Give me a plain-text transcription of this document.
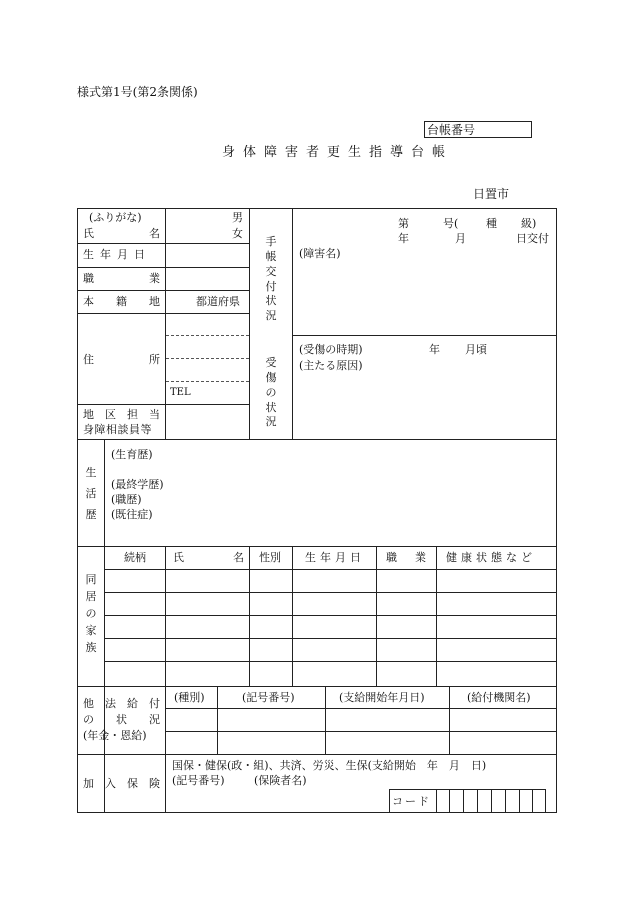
様式第1号(第2条関係)
台帳番号
身体障害者更生指導台帳
日置市
(ふりがな)
氏	名
男
女
生 年 月 日
職	業
本 籍 地	都道府県
住	所
TEL
地 区 担 当
身障相談員等
手帳交付状況
第	号(	種 級)
年	月	日交付
(障害名)
受傷の状況
(受傷の時期)	年 月頃
(主たる原因)
生活歴
(生育歴)
(最終学歴)
(職歴)
(既往症)
同居の家族
続柄 氏	名 性別 生年月日 職 業 健康状態など
他 法 給 付
の 状 況
(年金・恩給)
(種別)	(記号番号)	(支給開始年月日)	(給付機関名)
加 入 保 険
国保・健保(政・組)、共済、労災、生保(支給開始　年　月　日)
(記号番号)	(保険者名)
コード
